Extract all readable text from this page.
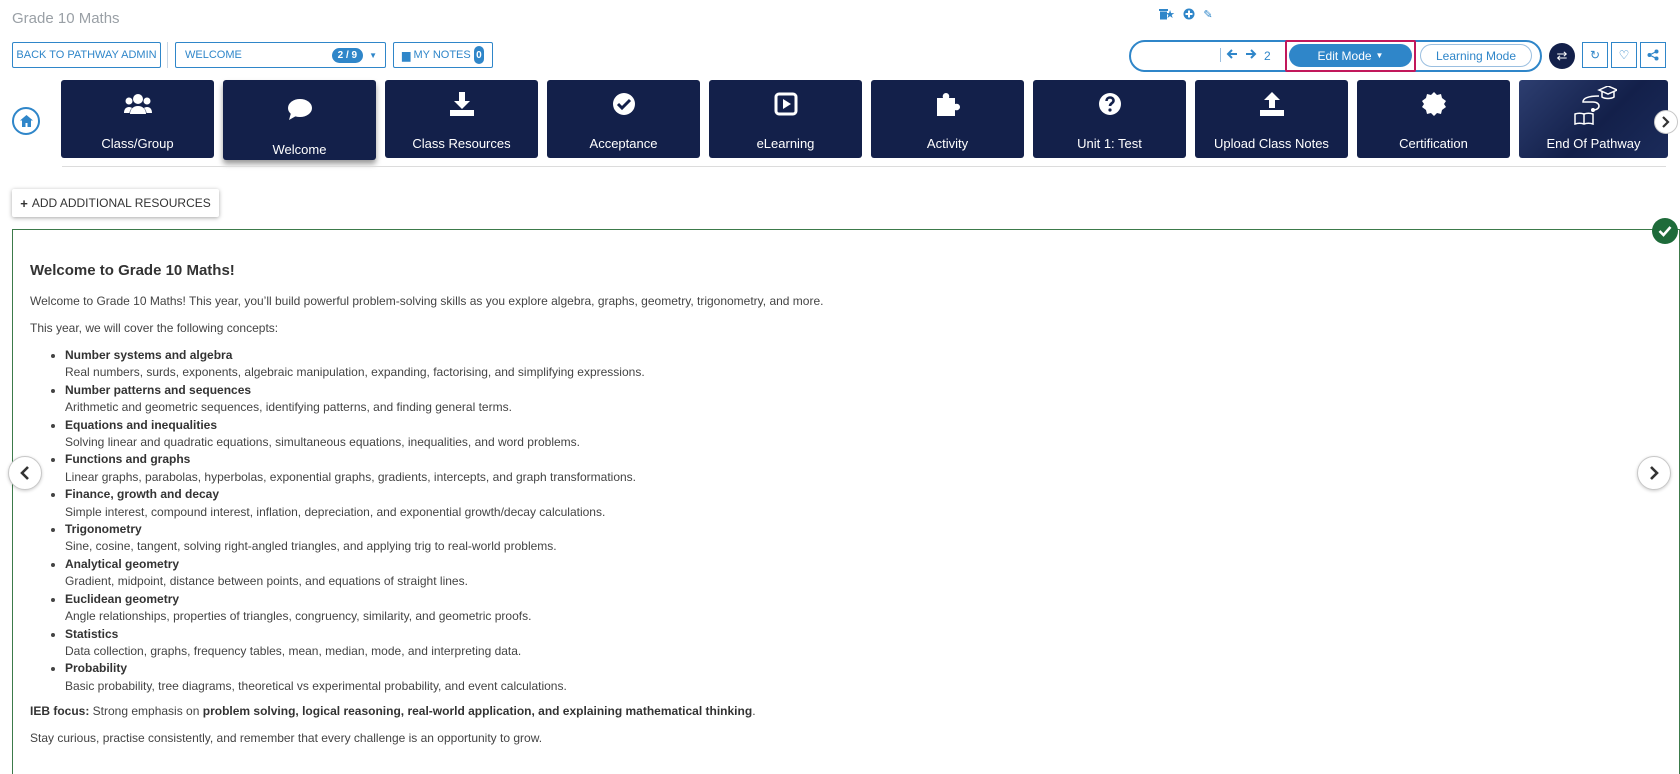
Grade 10 Maths
BACK TO PATHWAY ADMIN	WELCOME	2 / 9	▼ ▆ MY NOTES 0
★	✎
2	Edit Mode ▼	Learning Mode	⇄	↻	♡
Class/Group	Welcome	Class Resources	Acceptance	eLearning	Activity	Unit 1: Test	Upload Class Notes	Certification	End Of Pathway
+ ADD ADDITIONAL RESOURCES
Welcome to Grade 10 Maths!

Welcome to Grade 10 Maths! This year, you’ll build powerful problem-solving skills as you explore algebra, graphs, geometry, trigonometry, and more.

This year, we will cover the following concepts:

• Number systems and algebra
Real numbers, surds, exponents, algebraic manipulation, expanding, factorising, and simplifying expressions.
• Number patterns and sequences
Arithmetic and geometric sequences, identifying patterns, and finding general terms.
• Equations and inequalities
Solving linear and quadratic equations, simultaneous equations, inequalities, and word problems.
• Functions and graphs
Linear graphs, parabolas, hyperbolas, exponential graphs, gradients, intercepts, and graph transformations.
• Finance, growth and decay
Simple interest, compound interest, inflation, depreciation, and exponential growth/decay calculations.
• Trigonometry
Sine, cosine, tangent, solving right-angled triangles, and applying trig to real-world problems.
• Analytical geometry
Gradient, midpoint, distance between points, and equations of straight lines.
• Euclidean geometry
Angle relationships, properties of triangles, congruency, similarity, and geometric proofs.
• Statistics
Data collection, graphs, frequency tables, mean, median, mode, and interpreting data.
• Probability
Basic probability, tree diagrams, theoretical vs experimental probability, and event calculations.

IEB focus: Strong emphasis on problem solving, logical reasoning, real-world application, and explaining mathematical thinking.

Stay curious, practise consistently, and remember that every challenge is an opportunity to grow.
